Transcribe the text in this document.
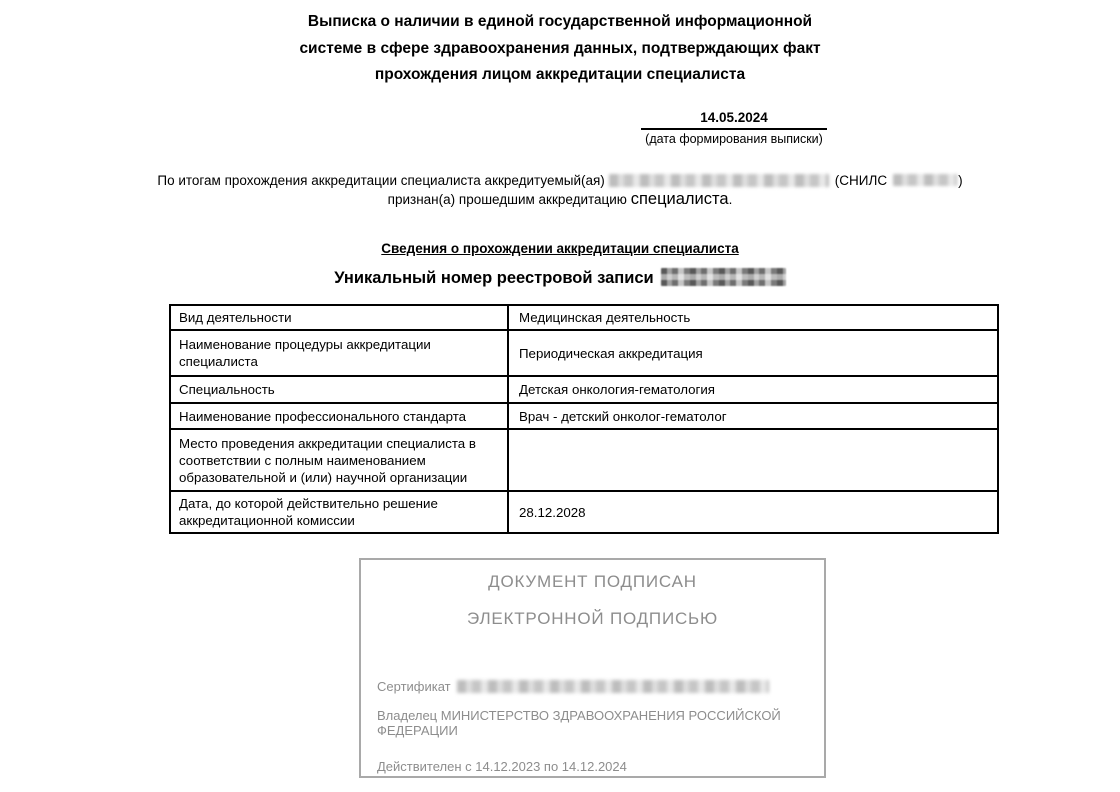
Выписка о наличии в единой государственной информационной системе в сфере здравоохранения данных, подтверждающих факт прохождения лицом аккредитации специалиста
14.05.2024
(дата формирования выписки)
По итогам прохождения аккредитации специалиста аккредитуемый(ая)	(СНИЛС	)
признан(а) прошедшим аккредитацию специалиста.
Сведения о прохождении аккредитации специалиста
Уникальный номер реестровой записи
Вид деятельности	Медицинская деятельность
Наименование процедуры аккредитации специалиста	Периодическая аккредитация
Специальность	Детская онкология-гематология
Наименование профессионального стандарта	Врач - детский онколог-гематолог
Место проведения аккредитации специалиста в соответствии с полным наименованием образовательной и (или) научной организации	
Дата, до которой действительно решение аккредитационной комиссии	28.12.2028
ДОКУМЕНТ ПОДПИСАН
ЭЛЕКТРОННОЙ ПОДПИСЬЮ
Сертификат
Владелец МИНИСТЕРСТВО ЗДРАВООХРАНЕНИЯ РОССИЙСКОЙ ФЕДЕРАЦИИ
Действителен с 14.12.2023 по 14.12.2024
